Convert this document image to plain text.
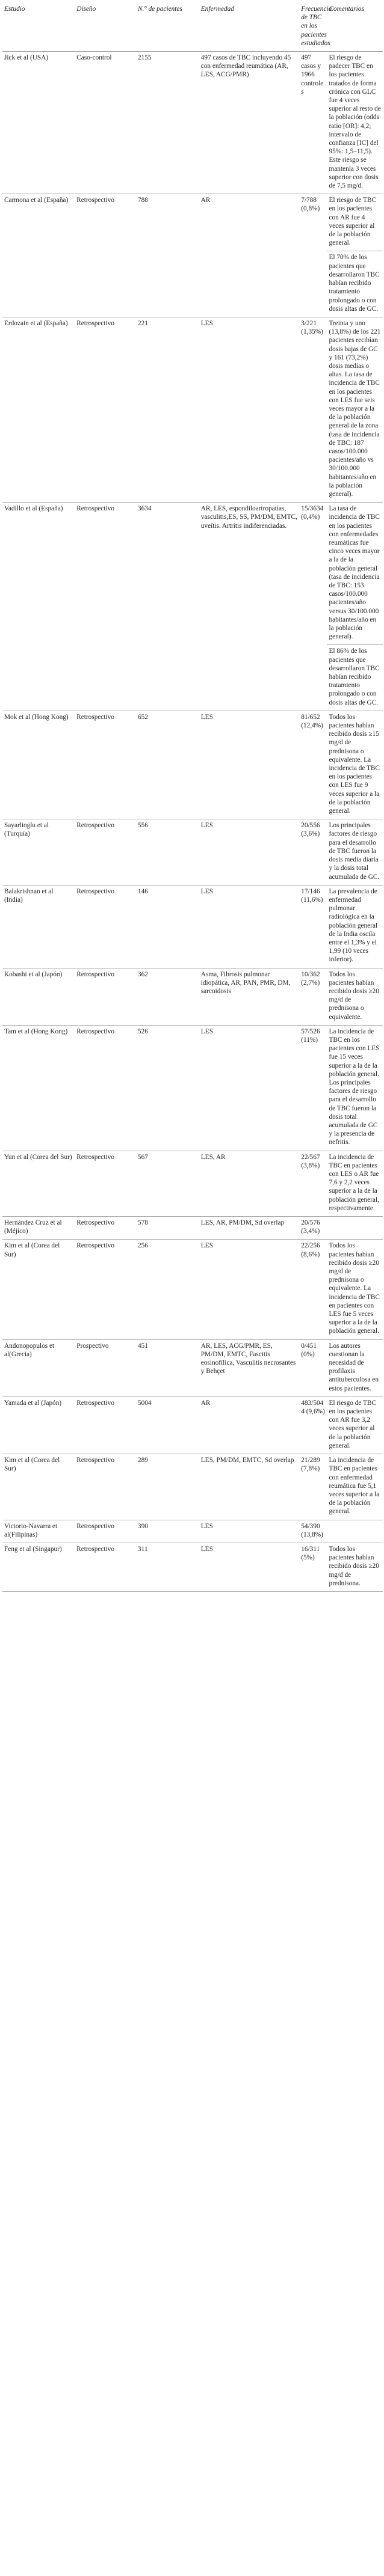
Estudio	Diseño	N.° de pacientes	Enfermedad	Frecuencia de TBC en los pacientes estudiados	Comentarios
Jick et al (USA)	Caso-control	2155	497 casos de TBC incluyendo 45 con enfermedad reumática (AR, LES, ACG/PMR)	497 casos y 1966 controles	El riesgo de padecer TBC en los pacientes tratados de forma crónica con GLC fue 4 veces superior al resto de la población (odds ratio [OR]: 4,2; intervalo de confianza [IC] del 95%: 1,5–11,5). Este riesgo se mantenía 3 veces superior con dosis de 7,5 mg/d.
Carmona et al (España)	Retrospectivo	788	AR	7/788 (0,8%)	El riesgo de TBC en los pacientes con AR fue 4 veces superior al de la población general.
					El 70% de los pacientes que desarrollaron TBC habían recibido tratamiento prolongado o con dosis altas de GC.
Erdozain et al (España)	Retrospectivo	221	LES	3/221 (1,35%)	Treinta y uno (13,8%) de los 221 pacientes recibían dosis bajas de GC y 161 (73,2%) dosis medias o altas. La tasa de incidencia de TBC en los pacientes con LES fue seis veces mayor a la de la población general de la zona (tasa de incidencia de TBC: 187 casos/100.000 pacientes/año vs 30/100.000 habitantes/año en la población general).
Vadillo et al (España)	Retrospectivo	3634	AR, LES, espondiloartropatías, vasculitis,ES, SS, PM/DM, EMTC, uveítis. Artritis indiferenciadas.	15/3634 (0,4%)	La tasa de incidencia de TBC en los pacientes con enfermedades reumáticas fue cinco veces mayor a la de la población general (tasa de incidencia de TBC: 153 casos/100.000 pacientes/año versus 30/100.000 habitantes/año en la población general).
					El 86% de los pacientes que desarrollaron TBC habían recibido tratamiento prolongado o con dosis altas de GC.
Mok et al (Hong Kong)	Retrospectivo	652	LES	81/652 (12,4%)	Todos los pacientes habían recibido dosis ≥15 mg/d de prednisona o equivalente. La incidencia de TBC en los pacientes con LES fue 9 veces superior a la de la población general.
Sayarlioglu et al (Turquía)	Retrospectivo	556	LES	20/556 (3,6%)	Los principales factores de riesgo para el desarrollo de TBC fueron la dosis media diaria y la dosis total acumulada de GC.
Balakrishnan et al (India)	Retrospectivo	146	LES	17/146 (11,6%)	La prevalencia de enfermedad pulmonar radiológica en la población general de la India oscila entre el 1,3% y el 1,99 (10 veces inferior).
Kobashi et al (Japón)	Retrospectivo	362	Asma, Fibrosis pulmonar idiopática, AR, PAN, PMR, DM, sarcoidosis	10/362 (2,7%)	Todos los pacientes habían recibido dosis ≥20 mg/d de prednisona o equivalente.
Tam et al (Hong Kong)	Retrospectivo	526	LES	57/526 (11%)	La incidencia de TBC en los pacientes con LES fue 15 veces superior a la de la población general. Los principales factores de riesgo para el desarrollo de TBC fueron la dosis total acumulada de GC y la presencia de nefritis.
Yun et al (Corea del Sur)	Retrospectivo	567	LES, AR	22/567 (3,8%)	La incidencia de TBC en pacientes con LES o AR fue 7,6 y 2,2 veces superior a la de la población general, respectivamente.
Hernández Cruz et al (Méjico)	Retrospectivo	578	LES, AR, PM/DM, Sd overlap	20/576 (3,4%)	
Kim et al (Corea del Sur)	Retrospectivo	256	LES	22/256 (8,6%)	Todos los pacientes habían recibido dosis ≥20 mg/d de prednisona o equivalente. La incidencia de TBC en pacientes con LES fue 5 veces superior a la de la población general.
Andonopopulos et al(Grecia)	Prospectivo	451	AR, LES, ACG/PMR, ES, PM/DM, EMTC, Fascitis eosinofílica, Vasculitis necrosantes y Behçet	0/451 (0%)	Los autores cuestionan la necesidad de profilaxis antituberculosa en estos pacientes.
Yamada et al (Japón)	Retrospectivo	5004	AR	483/5044 (9,6%)	El riesgo de TBC en los pacientes con AR fue 3,2 veces superior al de la población general.
Kim et al (Corea del Sur)	Retrospectivo	289	LES, PM/DM, EMTC, Sd overlap	21/289 (7,8%)	La incidencia de TBC en pacientes con enfermedad reumática fue 5,1 veces superior a la de la población general.
Victorio-Navarra et al(Filipinas)	Retrospectivo	390	LES	54/390 (13,8%)	
Feng et al (Singapur)	Retrospectivo	311	LES	16/311 (5%)	Todos los pacientes habían recibido dosis ≥20 mg/d de prednisona.
